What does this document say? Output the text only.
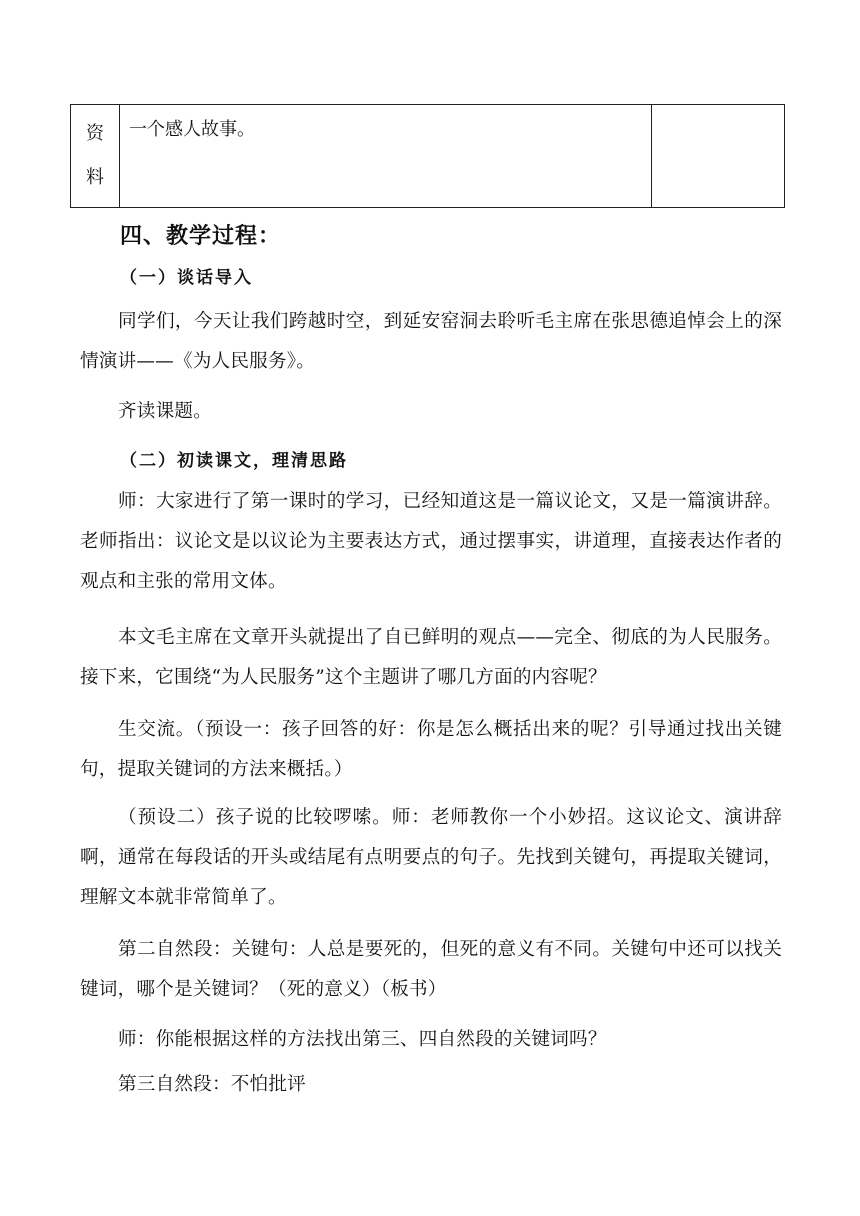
资
料
一个感人故事。
四、教学过程：
（一）谈话导入
同学们，今天让我们跨越时空，到延安窑洞去聆听毛主席在张思德追悼会上的深情演讲——《为人民服务》。
齐读课题。
（二）初读课文，理清思路
师：大家进行了第一课时的学习，已经知道这是一篇议论文，又是一篇演讲辞。老师指出：议论文是以议论为主要表达方式，通过摆事实，讲道理，直接表达作者的观点和主张的常用文体。
本文毛主席在文章开头就提出了自已鲜明的观点——完全、彻底的为人民服务。接下来，它围绕“为人民服务”这个主题讲了哪几方面的内容呢？
生交流。（预设一：孩子回答的好：你是怎么概括出来的呢？引导通过找出关键句，提取关键词的方法来概括。）
（预设二）孩子说的比较啰嗦。师：老师教你一个小妙招。这议论文、演讲辞啊，通常在每段话的开头或结尾有点明要点的句子。先找到关键句，再提取关键词，理解文本就非常简单了。
第二自然段：关键句：人总是要死的，但死的意义有不同。关键句中还可以找关键词，哪个是关键词？（死的意义）（板书）
师：你能根据这样的方法找出第三、四自然段的关键词吗？
第三自然段：不怕批评
